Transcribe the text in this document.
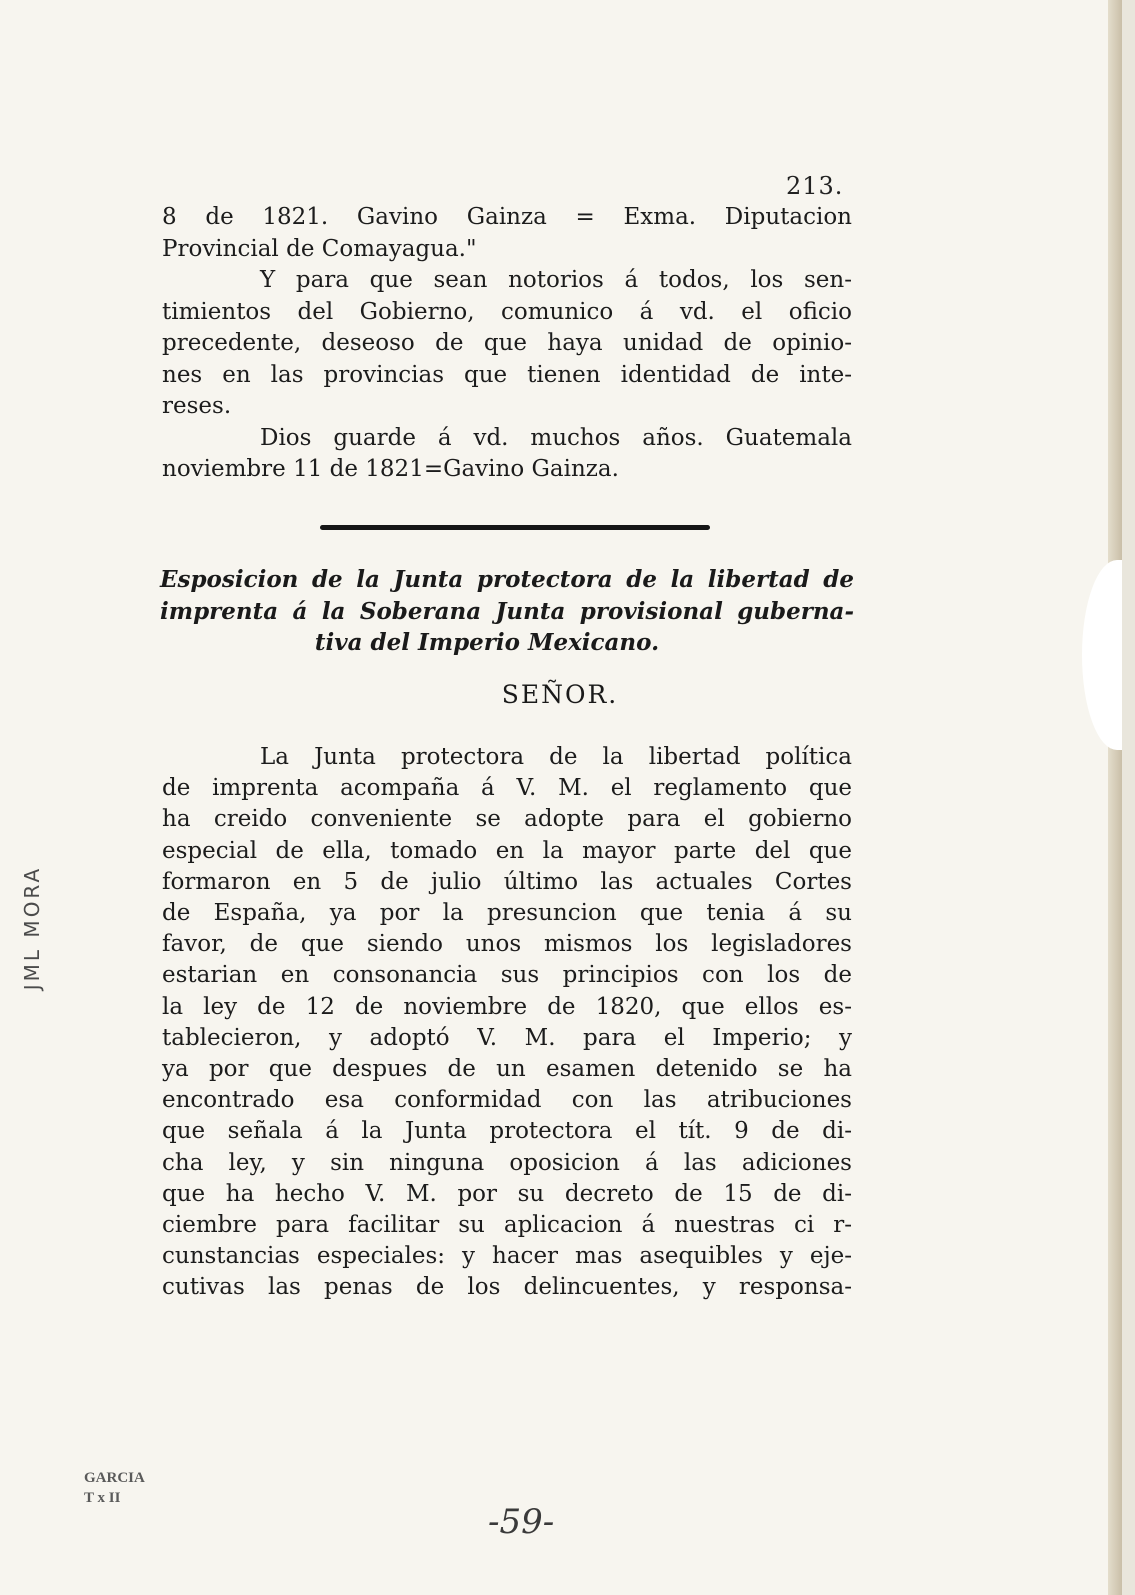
213.

8 de 1821. Gavino Gainza = Exma. Diputacion

Provincial de Comayagua."

Y para que sean notorios á todos, los sen-

timientos del Gobierno, comunico á vd. el oficio

precedente, deseoso de que haya unidad de opinio-

nes en las provincias que tienen identidad de inte-

reses.

Dios guarde á vd. muchos años. Guatemala

noviembre 11 de 1821=Gavino Gainza.

Esposicion de la Junta protectora de la libertad de
imprenta á la Soberana Junta provisional guberna-
tiva del Imperio Mexicano.
SEÑOR.

La Junta protectora de la libertad política

de imprenta acompaña á V. M. el reglamento que

ha creido conveniente se adopte para el gobierno

especial de ella, tomado en la mayor parte del que

formaron en 5 de julio último las actuales Cortes

de España, ya por la presuncion que tenia á su

favor, de que siendo unos mismos los legisladores

estarian en consonancia sus principios con los de

la ley de 12 de noviembre de 1820, que ellos es-

tablecieron, y adoptó V. M. para el Imperio; y

ya por que despues de un esamen detenido se ha

encontrado esa conformidad con las atribuciones

que señala á la Junta protectora el tít. 9 de di-

cha ley, y sin ninguna oposicion á las adiciones

que ha hecho V. M. por su decreto de 15 de di-

ciembre para facilitar su aplicacion á nuestras ci r-

cunstancias especiales: y hacer mas asequibles y eje-

cutivas las penas de los delincuentes, y responsa-

JML MORA
GARCIA
T x II
-59-
